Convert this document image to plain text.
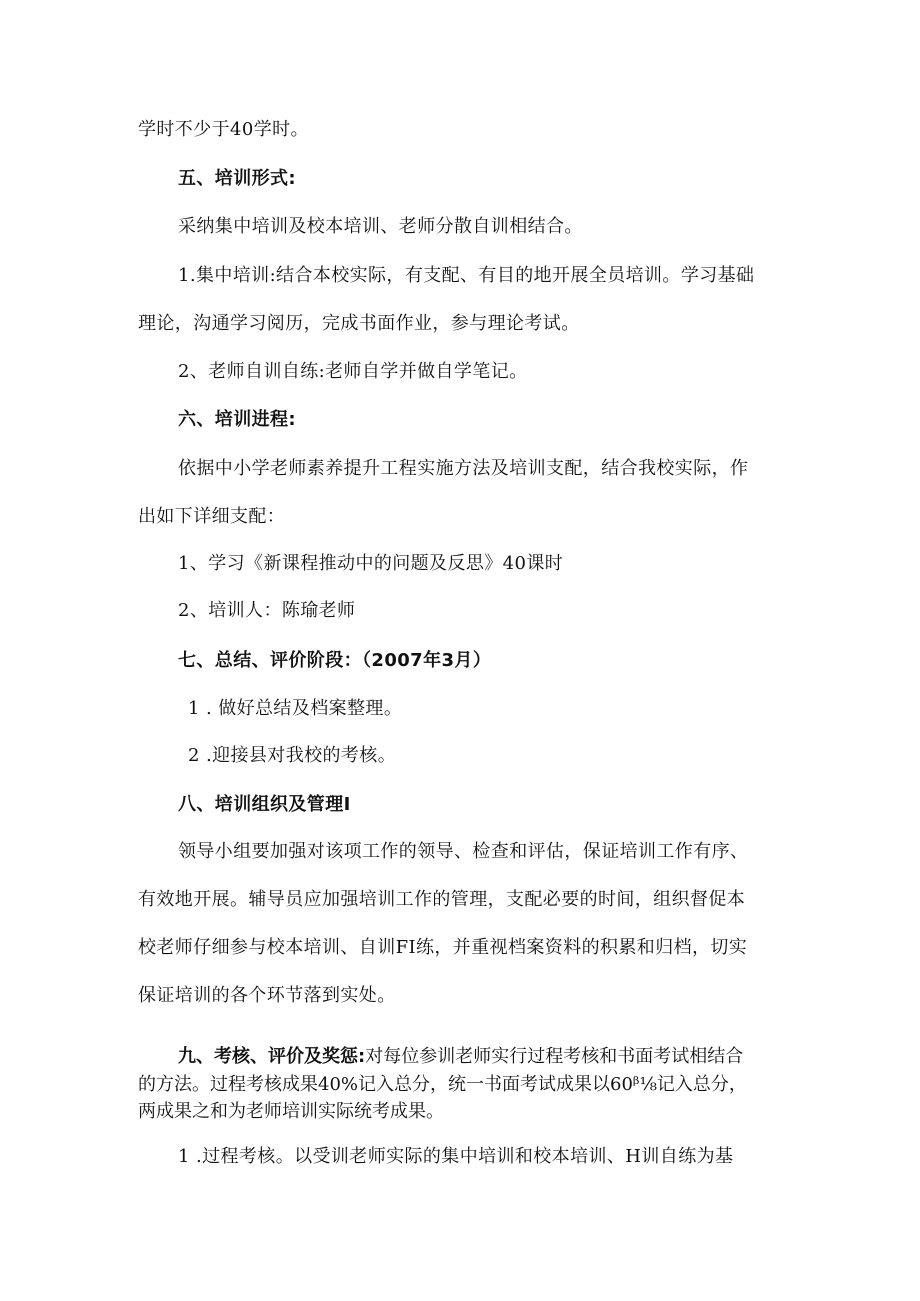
学时不少于40学时。
五、培训形式:
采纳集中培训及校本培训、老师分散自训相结合。
1.集中培训:结合本校实际，有支配、有目的地开展全员培训。学习基础
理论，沟通学习阅历，完成书面作业，参与理论考试。
2、老师自训自练:老师自学并做自学笔记。
六、培训进程:
依据中小学老师素养提升工程实施方法及培训支配，结合我校实际，作
出如下详细支配：
1、学习《新课程推动中的问题及反思》40课时
2、培训人：陈瑜老师
七、总结、评价阶段：（2007年3月）
1 . 做好总结及档案整理。
2 .迎接县对我校的考核。
八、培训组织及管理I
领导小组要加强对该项工作的领导、检查和评估，保证培训工作有序、
有效地开展。辅导员应加强培训工作的管理，支配必要的时间，组织督促本
校老师仔细参与校本培训、自训FI练，并重视档案资料的积累和归档，切实
保证培训的各个环节落到实处。
九、考核、评价及奖惩:对每位参训老师实行过程考核和书面考试相结合
的方法。过程考核成果40%记入总分，统一书面考试成果以60ᵝ⅛记入总分，
两成果之和为老师培训实际统考成果。
1 .过程考核。以受训老师实际的集中培训和校本培训、H训自练为基
